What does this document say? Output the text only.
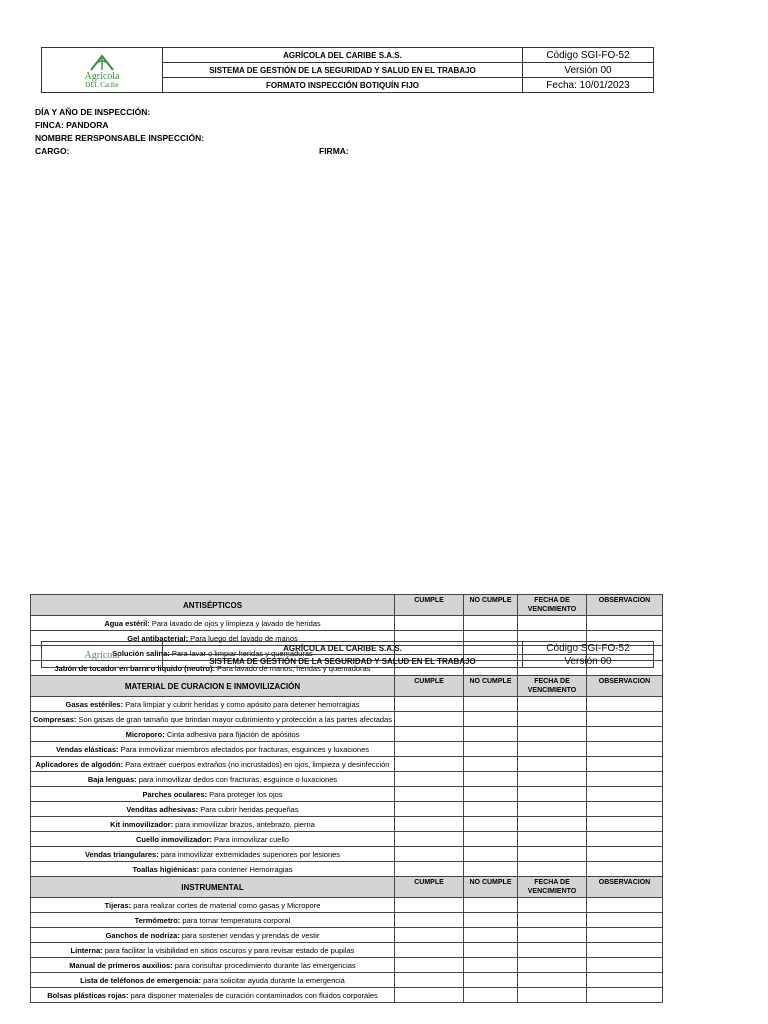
Agricola
DEL Caribe	AGRÍCOLA DEL CARIBE S.A.S.	Código SGI-FO-52
	SISTEMA DE GESTIÓN DE LA SEGURIDAD Y SALUD EN EL TRABAJO	Versión 00
	FORMATO INSPECCIÓN BOTIQUÍN FIJO	Fecha: 10/01/2023
DÍA Y AÑO DE INSPECCIÓN:
FINCA: PANDORA
NOMBRE RERSPONSABLE INSPECCIÓN:
CARGO:	FIRMA:
ANTISÉPTICOS	CUMPLE	NO CUMPLE	FECHA DE VENCIMIENTO	OBSERVACION
Agua estéril: Para lavado de ojos y limpieza y lavado de heridas				
Gel antibacterial: Para luego del lavado de manos				
Solución salina: Para lavar o limpiar heridas y quemaduras				
Jabón de tocador en barra o liquido (neutro): Para lavado de manos, heridas y quemaduras				
MATERIAL DE CURACION E INMOVILIZACIÓN	CUMPLE	NO CUMPLE	FECHA DE VENCIMIENTO	OBSERVACION
Gasas estériles: Para limpiar y cubrir heridas y como apósito para detener hemorragias				
Compresas: Son gasas de gran tamaño que brindan mayor cubrimiento y protección a las partes afectadas				
Microporo: Cinta adhesiva para fijación de apósitos				
Vendas elásticas: Para inmovilizar miembros afectados por fracturas, esguinces y luxaciones				
Aplicadores de algodón: Para extraer cuerpos extraños (no incrustados) en ojos, limpieza y desinfección				
Baja lenguas: para inmovilizar dedos con fracturas, esguince o luxaciones				
Parches oculares: Para proteger los ojos				
Venditas adhesivas: Para cubrir heridas pequeñas				
Kit inmovilizador: para inmovilizar brazos, antebrazo, pierna				
Cuello inmovilizador: Para inmovilizar cuello				
Vendas triangulares: para inmovilizar extremidades superiores por lesiones				
Toallas higiénicas: para contener Hemorragias				
INSTRUMENTAL	CUMPLE	NO CUMPLE	FECHA DE VENCIMIENTO	OBSERVACION
Tijeras: para realizar cortes de material como gasas y Micropore				
Termómetro: para tomar temperatura corporal				
Ganchos de nodriza: para sostener vendas y prendas de vestir				
Linterna: para facilitar la visibilidad en sitios oscuros y para revisar estado de pupilas				
Manual de primeros auxilios: para consultar procedimiento durante las emergencias				
Lista de teléfonos de emergencia: para solicitar ayuda durante la emergencia				
Bolsas plásticas rojas: para disponer materiales de curación contaminados con fluidos corporales				
Agricola	AGRÍCOLA DEL CARIBE S.A.S.	Código SGI-FO-52
	SISTEMA DE GESTIÓN DE LA SEGURIDAD Y SALUD EN EL TRABAJO	Versión 00
